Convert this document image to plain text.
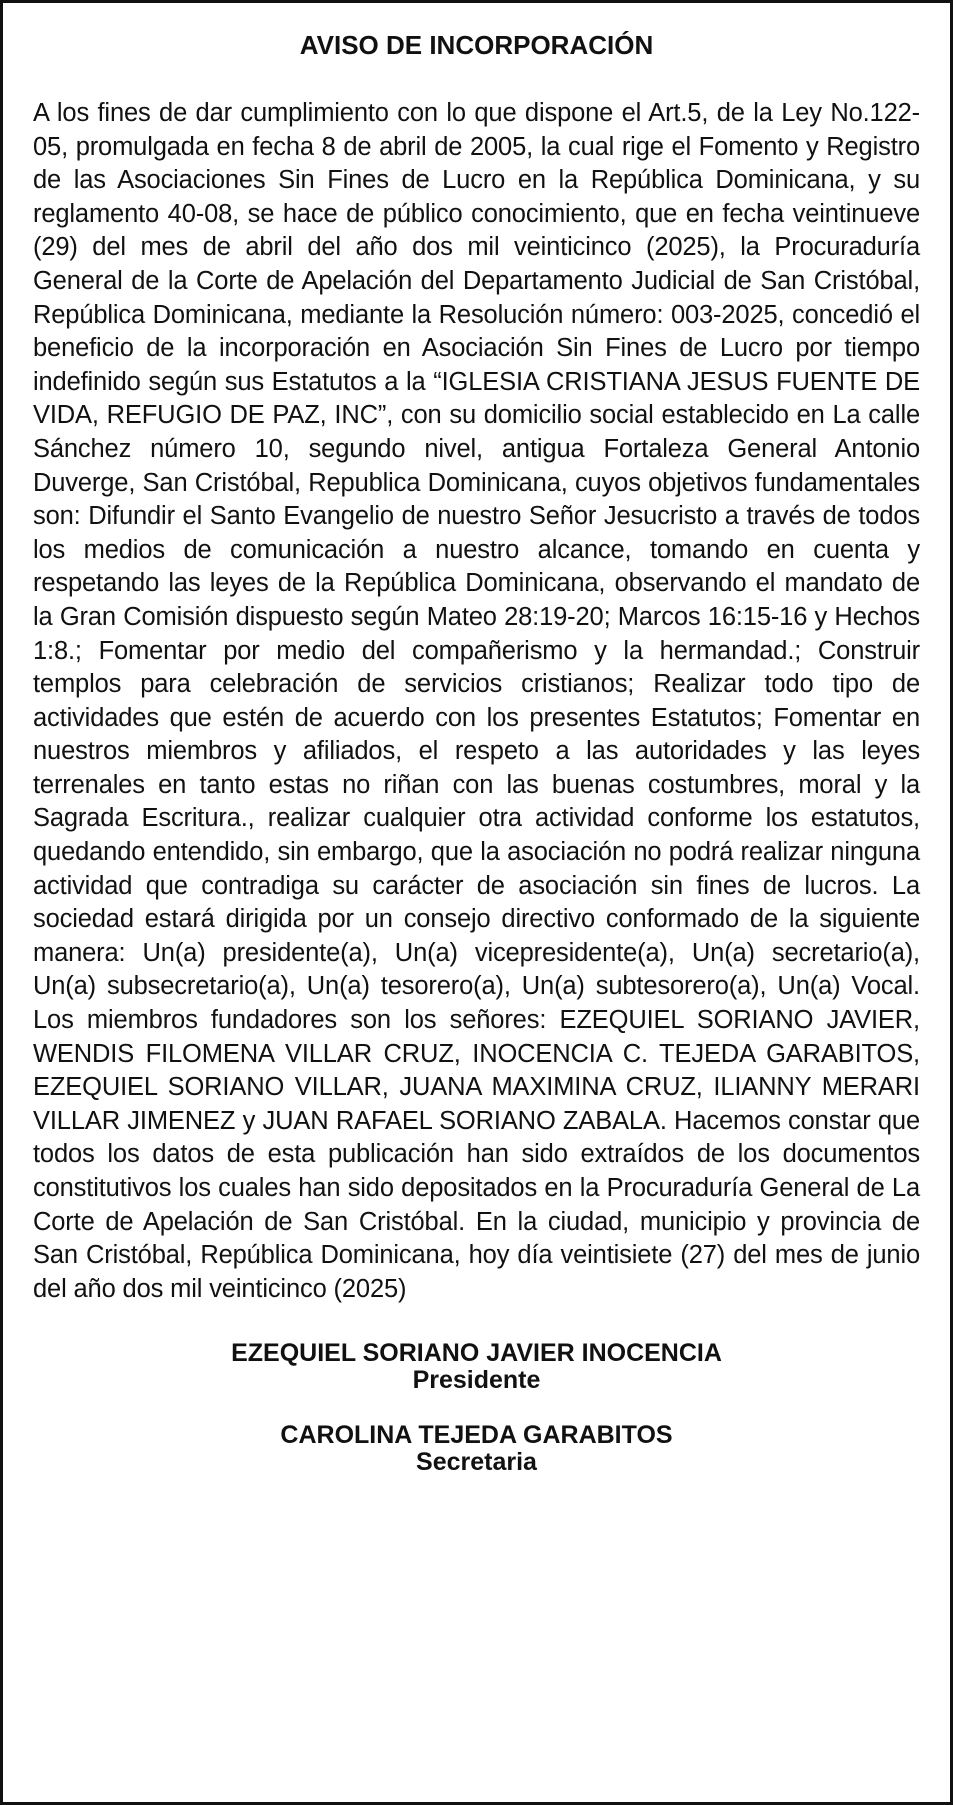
AVISO DE INCORPORACIÓN

A los fines de dar cumplimiento con lo que dispone el Art.5, de la Ley No.122- 05, promulgada en fecha 8 de abril de 2005, la cual rige el Fomento y Registro de las Asociaciones Sin Fines de Lucro en la República Dominicana, y su reglamento 40-08, se hace de público conocimiento, que en fecha veintinueve (29) del mes de abril del año dos mil veinticinco (2025), la Procuraduría General de la Corte de Apelación del Departamento Judicial de San Cristóbal, República Dominicana, mediante la Resolución número: 003-2025, concedió el beneficio de la incorporación en Asociación Sin Fines de Lucro por tiempo indefinido según sus Estatutos a la “IGLESIA CRISTIANA JESUS FUENTE DE VIDA, REFUGIO DE PAZ, INC”, con su domicilio social establecido en La calle Sánchez número 10, segundo nivel, antigua Fortaleza General Antonio Duverge, San Cristóbal, Republica Dominicana, cuyos objetivos fundamentales son: Difundir el Santo Evangelio de nuestro Señor Jesucristo a través de todos los medios de comunicación a nuestro alcance, tomando en cuenta y respetando las leyes de la República Dominicana, observando el mandato de la Gran Comisión dispuesto según Mateo 28:19-20; Marcos 16:15-16 y Hechos 1:8.; Fomentar por medio del compañerismo y la hermandad.; Construir templos para celebración de servicios cristianos; Realizar todo tipo de actividades que estén de acuerdo con los presentes Estatutos; Fomentar en nuestros miembros y afiliados, el respeto a las autoridades y las leyes terrenales en tanto estas no riñan con las buenas costumbres, moral y la Sagrada Escritura., realizar cualquier otra actividad conforme los estatutos, quedando entendido, sin embargo, que la asociación no podrá realizar ninguna actividad que contradiga su carácter de asociación sin fines de lucros. La sociedad estará dirigida por un consejo directivo conformado de la siguiente manera: Un(a) presidente(a), Un(a) vicepresidente(a), Un(a) secretario(a), Un(a) subsecretario(a), Un(a) tesorero(a), Un(a) subtesorero(a), Un(a) Vocal. Los miembros fundadores son los señores: EZEQUIEL SORIANO JAVIER, WENDIS FILOMENA VILLAR CRUZ, INOCENCIA C. TEJEDA GARABITOS, EZEQUIEL SORIANO VILLAR, JUANA MAXIMINA CRUZ, ILIANNY MERARI VILLAR JIMENEZ y JUAN RAFAEL SORIANO ZABALA. Hacemos constar que todos los datos de esta publicación han sido extraídos de los documentos constitutivos los cuales han sido depositados en la Procuraduría General de La Corte de Apelación de San Cristóbal. En la ciudad, municipio y provincia de San Cristóbal, República Dominicana, hoy día veintisiete (27) del mes de junio del año dos mil veinticinco (2025)

EZEQUIEL SORIANO JAVIER INOCENCIA
Presidente
CAROLINA TEJEDA GARABITOS
Secretaria
